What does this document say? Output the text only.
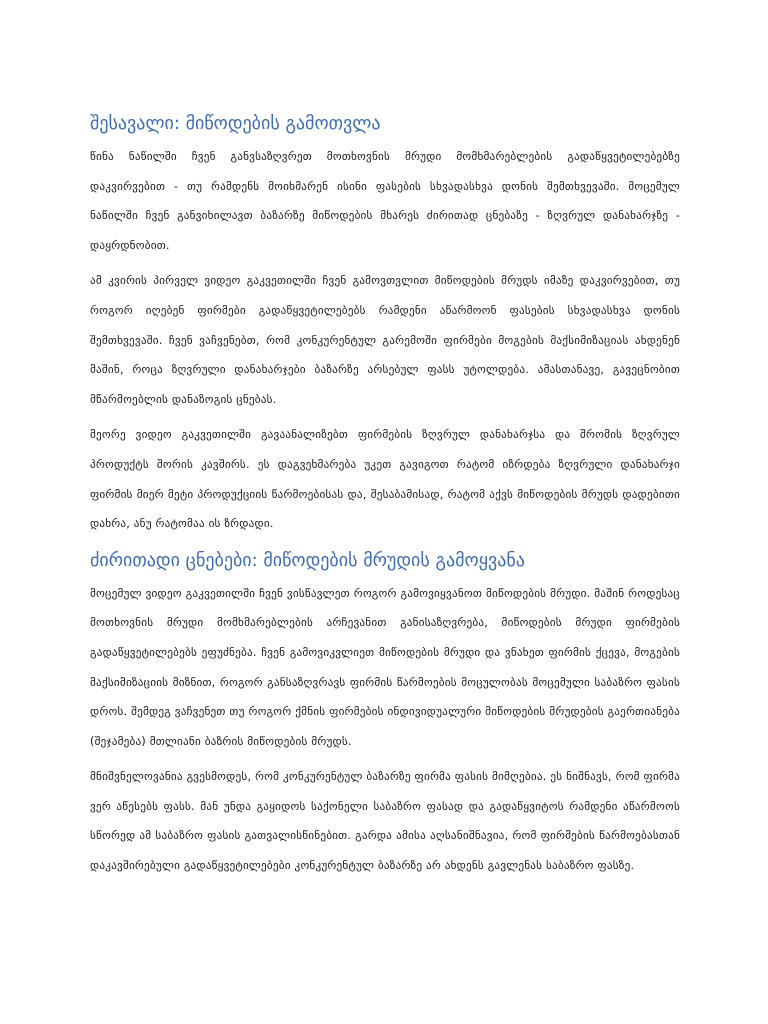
შესავალი: მიწოდების გამოთვლა

წინა ნაწილში ჩვენ განვსაზღვრეთ მოთხოვნის მრუდი მომხმარებლების გადაწყვეტილებებზე დაკვირვებით - თუ რამდენს მოიხმარენ ისინი ფასების სხვადასხვა დონის შემთხვევაში. მოცემულ ნაწილში ჩვენ განვიხილავთ ბაზარზე მიწოდების მხარეს ძირითად ცნებაზე - ზღვრულ დანახარჯზე - დაყრდნობით.

ამ კვირის პირველ ვიდეო გაკვეთილში ჩვენ გამოვთვლით მიწოდების მრუდს იმაზე დაკვირვებით, თუ როგორ იღებენ ფირმები გადაწყვეტილებებს რამდენი აწარმოონ ფასების სხვადასხვა დონის შემთხვევაში. ჩვენ ვაჩვენებთ, რომ კონკურენტულ გარემოში ფირმები მოგების მაქსიმიზაციას ახდენენ მაშინ, როცა ზღვრული დანახარჯები ბაზარზე არსებულ ფასს უტოლდება. ამასთანავე, გავეცნობით მწარმოებლის დანაზოგის ცნებას.

მეორე ვიდეო გაკვეთილში გავაანალიზებთ ფირმების ზღვრულ დანახარჯსა და შრომის ზღვრულ პროდუქტს შორის კავშირს. ეს დაგვეხმარება უკეთ გავიგოთ რატომ იზრდება ზღვრული დანახარჯი ფირმის მიერ მეტი პროდუქციის წარმოებისას და, შესაბამისად, რატომ აქვს მიწოდების მრუდს დადებითი დახრა, ანუ რატომაა ის ზრდადი.

ძირითადი ცნებები: მიწოდების მრუდის გამოყვანა

მოცემულ ვიდეო გაკვეთილში ჩვენ ვისწავლეთ როგორ გამოვიყვანოთ მიწოდების მრუდი. მაშინ როდესაც მოთხოვნის მრუდი მომხმარებლების არჩევანით განისაზღვრება, მიწოდების მრუდი ფირმების გადაწყვეტილებებს ეფუძნება. ჩვენ გამოვიკვლიეთ მიწოდების მრუდი და ვნახეთ ფირმის ქცევა, მოგების მაქსიმიზაციის მიზნით, როგორ განსაზღვრავს ფირმის წარმოების მოცულობას მოცემული საბაზრო ფასის დროს. შემდეგ ვაჩვენეთ თუ როგორ ქმნის ფირმების ინდივიდუალური მიწოდების მრუდების გაერთიანება (შეჯამება) მთლიანი ბაზრის მიწოდების მრუდს.

მნიშვნელოვანია გვესმოდეს, რომ კონკურენტულ ბაზარზე ფირმა ფასის მიმღებია. ეს ნიშნავს, რომ ფირმა ვერ აწესებს ფასს. მან უნდა გაყიდოს საქონელი საბაზრო ფასად და გადაწყვიტოს რამდენი აწარმოოს სწორედ ამ საბაზრო ფასის გათვალისწინებით. გარდა ამისა აღსანიშნავია, რომ ფირმების წარმოებასთან დაკავშირებული გადაწყვეტილებები კონკურენტულ ბაზარზე არ ახდენს გავლენას საბაზრო ფასზე.
